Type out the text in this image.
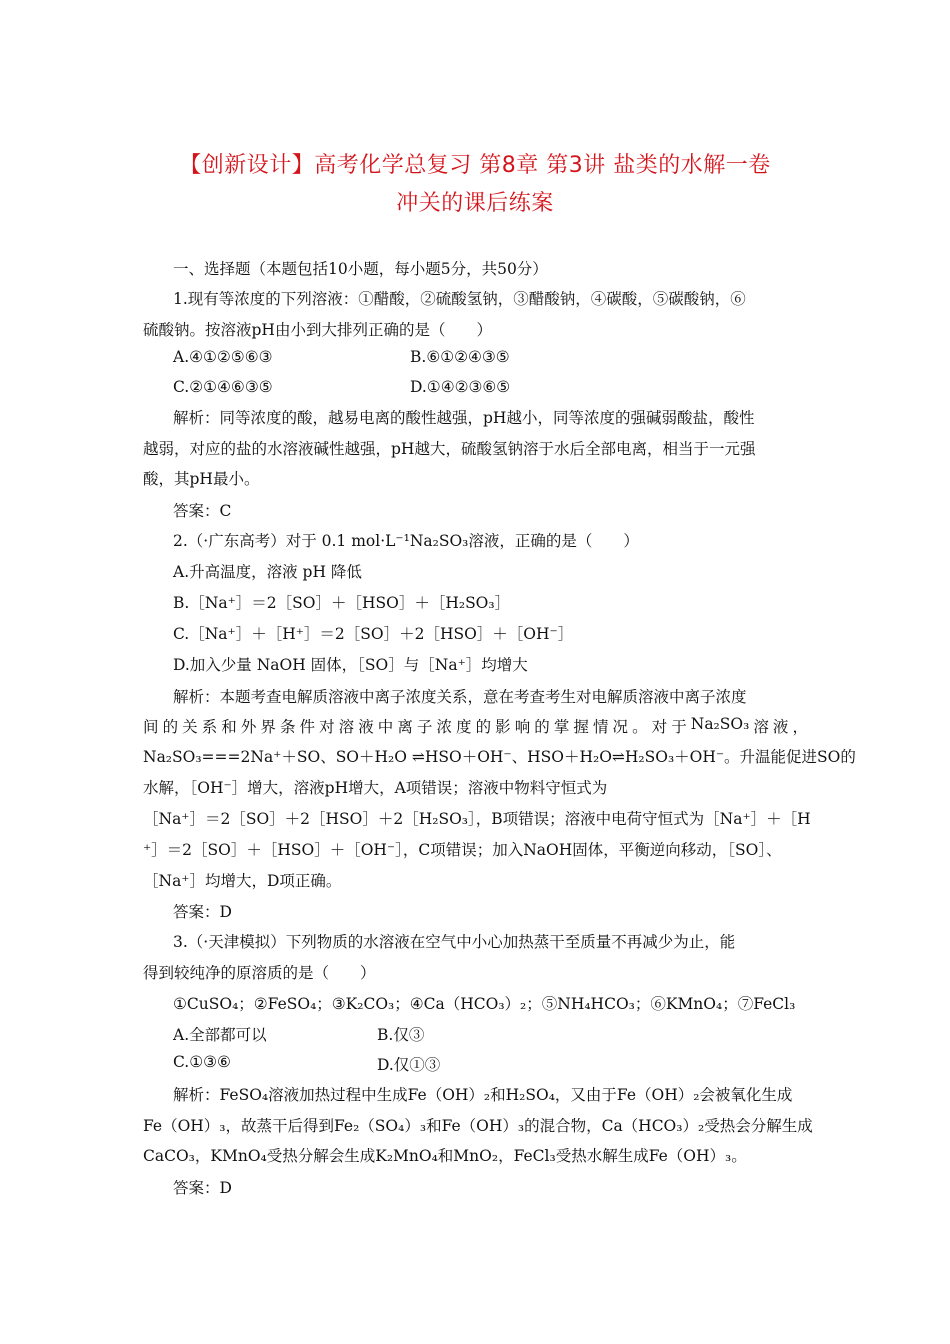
【创新设计】高考化学总复习 第8章 第3讲 盐类的水解一卷
冲关的课后练案
一、选择题（本题包括10小题，每小题5分，共50分）
1.现有等浓度的下列溶液：①醋酸，②硫酸氢钠，③醋酸钠，④碳酸，⑤碳酸钠，⑥
硫酸钠。按溶液pH由小到大排列正确的是（　　）
A.④①②⑤⑥③	B.⑥①②④③⑤
C.②①④⑥③⑤	D.①④②③⑥⑤
解析：同等浓度的酸，越易电离的酸性越强，pH越小，同等浓度的强碱弱酸盐，酸性
越弱，对应的盐的水溶液碱性越强，pH越大，硫酸氢钠溶于水后全部电离，相当于一元强
酸，其pH最小。
答案：C
2.（·广东高考）对于 0.1 mol·L⁻¹Na₂SO₃溶液，正确的是（　　）
A.升高温度，溶液 pH 降低
B.［Na⁺］＝2［SO］＋［HSO］＋［H₂SO₃］
C.［Na⁺］＋［H⁺］＝2［SO］＋2［HSO］＋［OH⁻］
D.加入少量 NaOH 固体，［SO］与［Na⁺］均增大
解析：本题考查电解质溶液中离子浓度关系，意在考查考生对电解质溶液中离子浓度
间 的 关 系 和 外 界 条 件 对 溶 液 中 离 子 浓 度 的 影 响 的 掌 握 情 况 。 对 于 Na₂SO₃ 溶 液 ，
Na₂SO₃===2Na⁺＋SO、SO＋H₂O ⇌HSO＋OH⁻、HSO＋H₂O⇌H₂SO₃＋OH⁻。升温能促进SO的
水解，［OH⁻］增大，溶液pH增大，A项错误；溶液中物料守恒式为
［Na⁺］＝2［SO］＋2［HSO］＋2［H₂SO₃］，B项错误；溶液中电荷守恒式为［Na⁺］＋［H
⁺］＝2［SO］＋［HSO］＋［OH⁻］，C项错误；加入NaOH固体，平衡逆向移动，［SO］、
［Na⁺］均增大，D项正确。
答案：D
3.（·天津模拟）下列物质的水溶液在空气中小心加热蒸干至质量不再减少为止，能
得到较纯净的原溶质的是（　　）
①CuSO₄；②FeSO₄；③K₂CO₃；④Ca（HCO₃）₂；⑤NH₄HCO₃；⑥KMnO₄；⑦FeCl₃
A.全部都可以	B.仅③
C.①③⑥	D.仅①③
解析：FeSO₄溶液加热过程中生成Fe（OH）₂和H₂SO₄，又由于Fe（OH）₂会被氧化生成
Fe（OH）₃，故蒸干后得到Fe₂（SO₄）₃和Fe（OH）₃的混合物，Ca（HCO₃）₂受热会分解生成
CaCO₃，KMnO₄受热分解会生成K₂MnO₄和MnO₂，FeCl₃受热水解生成Fe（OH）₃。
答案：D
